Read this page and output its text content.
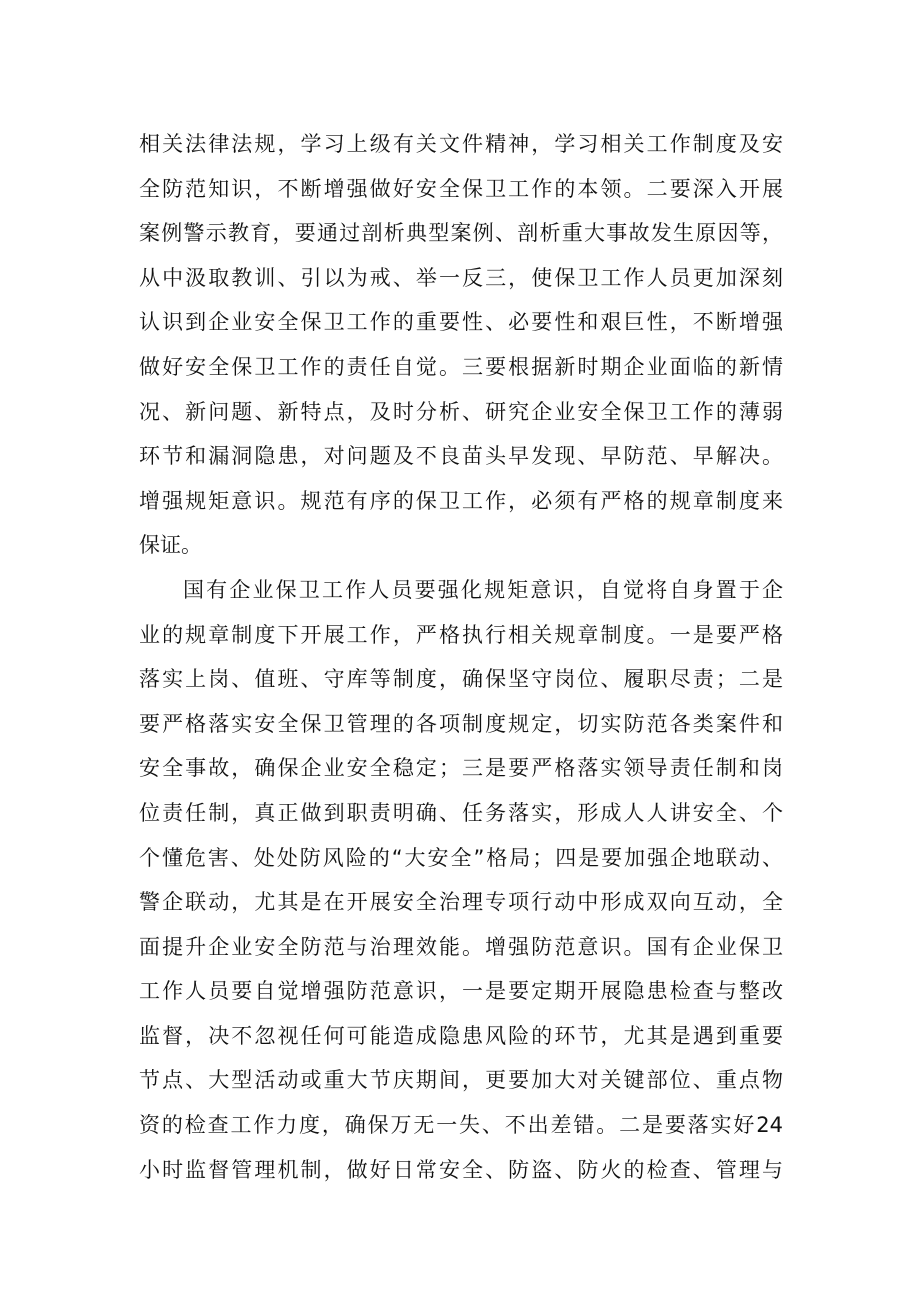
相关法律法规，学习上级有关文件精神，学习相关工作制度及安
全防范知识，不断增强做好安全保卫工作的本领。二要深入开展
案例警示教育，要通过剖析典型案例、剖析重大事故发生原因等，
从中汲取教训、引以为戒、举一反三，使保卫工作人员更加深刻
认识到企业安全保卫工作的重要性、必要性和艰巨性，不断增强
做好安全保卫工作的责任自觉。三要根据新时期企业面临的新情
况、新问题、新特点，及时分析、研究企业安全保卫工作的薄弱
环节和漏洞隐患，对问题及不良苗头早发现、早防范、早解决。
增强规矩意识。规范有序的保卫工作，必须有严格的规章制度来
保证。
国有企业保卫工作人员要强化规矩意识，自觉将自身置于企
业的规章制度下开展工作，严格执行相关规章制度。一是要严格
落实上岗、值班、守库等制度，确保坚守岗位、履职尽责；二是
要严格落实安全保卫管理的各项制度规定，切实防范各类案件和
安全事故，确保企业安全稳定；三是要严格落实领导责任制和岗
位责任制，真正做到职责明确、任务落实，形成人人讲安全、个
个懂危害、处处防风险的“大安全”格局；四是要加强企地联动、
警企联动，尤其是在开展安全治理专项行动中形成双向互动，全
面提升企业安全防范与治理效能。增强防范意识。国有企业保卫
工作人员要自觉增强防范意识，一是要定期开展隐患检查与整改
监督，决不忽视任何可能造成隐患风险的环节，尤其是遇到重要
节点、大型活动或重大节庆期间，更要加大对关键部位、重点物
资的检查工作力度，确保万无一失、不出差错。二是要落实好24
小时监督管理机制，做好日常安全、防盗、防火的检查、管理与
